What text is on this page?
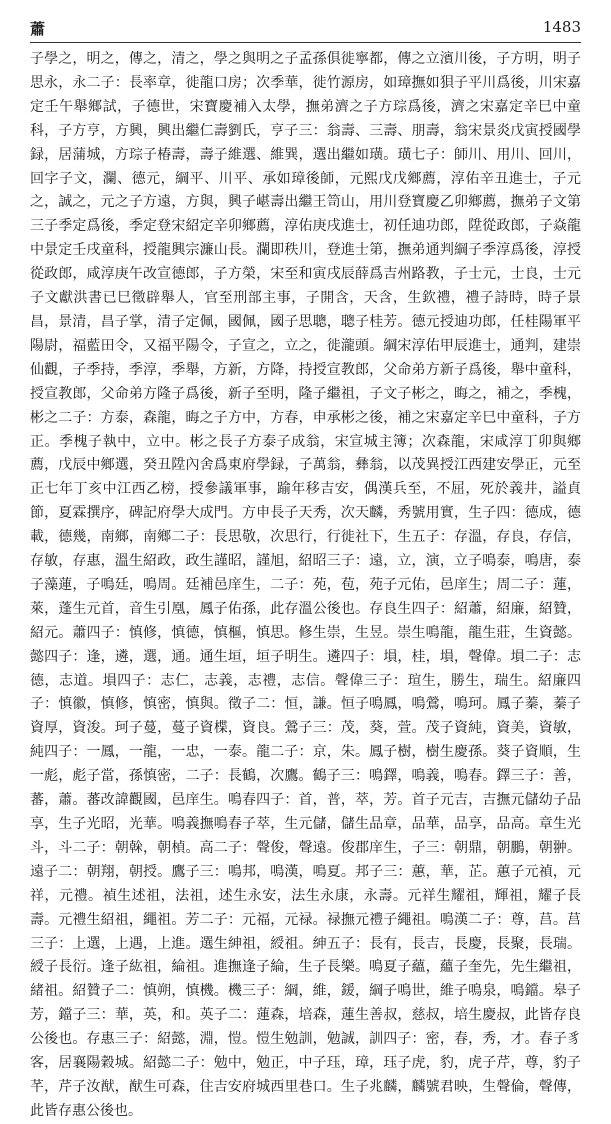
蕭	1483

子學之，明之，傳之，清之，學之與明之子孟孫俱徙寧都，傳之立濱川後，子方明，明子思永，永二子：長率章，徙龍口房；次季華，徙竹源房，如璋撫如狽子平川爲後，川宋嘉定壬午舉鄉試，子德世，宋寶慶補入太學，撫弟濟之子方琮爲後，濟之宋嘉定辛巳中童科，子方亨，方興，興出繼仁壽劉氏，亨子三：翁壽、三壽、朋壽，翁宋景炎戊寅授國學録，居蒲城，方琮子椿壽，壽子維選、維巽，選出繼如璜。璜七子：師川、用川、回川，回字子文，瀾、德元，綱平、川平、承如璋後師，元熙戊戊鄉薦，淳佑辛丑進士，子元之，誠之，元之子方遠，方與，興子嵁壽出繼王笥山，用川登寶慶乙卯鄉薦，撫弟子文第三子季定爲後，季定登宋紹定辛卯鄉薦，淳佑庚戌進士，初任迪功郎，陞從政郎，子焱龍中景定壬戌童科，授龍興宗濂山長。瀾即秩川，登進士第，撫弟通判綱子季淳爲後，淳授從政郎，咸淳庚午改宣德郎，子方榮，宋至和寅戌辰薛爲吉州路教，子士元，士良，士元子文獻洪書已巳徵辟舉人，官至刑部主事，子開含，天含，生欽禮，禮子詩時，時子景昌，景清，昌子掌，清子定佩，國佩，國子思聰，聰子桂芳。德元授迪功郎，任桂陽軍平陽尉，福藍田令，又福平陽令，子宣之，立之，徙瀧頭。綱宋淳佑甲辰進士，通判，建崇仙觀，子季持，季淳，季舉，方新，方降，持授宣教郎，父命弟方新子爲後，舉中童科，授宣教郎，父命弟方隆子爲後，新子至明，隆子繼祖，子文子彬之，晦之，補之，季槐，彬之二子：方泰，森龍，晦之子方中，方春，申承彬之後，補之宋嘉定辛巳中童科，子方正。季槐子執中，立中。彬之長子方泰子成翁，宋宣城主簿；次森龍，宋咸淳丁卯與鄉薦，戊辰中鄉選，癸丑陞內舍爲東府學録，子萬翁，彝翁，以茂異授江西建安學正，元至正七年丁亥中江西乙榜，授參議軍事，踰年移吉安，偶漢兵至，不屈，死於義井，謚貞節，夏霖撰序，碑記府學大成門。方申長子天秀，次天麟，秀號用實，生子四：德成，德載，德幾，南鄉，南鄉二子：長思敬，次思行，行徙社下，生五子：存溫，存良，存信，存敏，存惠，溫生紹政，政生謹昭，謹旭，紹昭三子：遠，立，演，立子鳴泰，鳴唐，泰子藻蓮，子鳴廷，鳴周。廷補邑庠生，二子：苑，苞，苑子元佑，邑庠生；周二子：蓮，萊，蓬生元首，音生引凰，鳳子佑孫，此存溫公後也。存良生四子：紹蕭，紹廉，紹贊，紹元。蕭四子：慎修，慎德，慎樞，慎思。修生崇，生昱。崇生鳴龍，龍生莊，生資懿。懿四子：逢，遴，選，通。通生垣，垣子明生。遴四子：塤，桂，塤，聲偉。塤二子：志德，志道。塤四子：志仁，志義，志禮，志信。聲偉三子：瑄生，勝生，瑞生。紹廉四子：慎徽，慎修，慎密，慎與。徵子二：恒，謙。恒子鳴鳳，鳴鶯，鳴珂。鳳子蓁，蓁子資厚，資浚。珂子蔓，蔓子資楪，資良。鶯子三：茂，葵，萱。茂子資純，資美，資敏，純四子：一鳳，一龍，一忠，一泰。龍二子：京，朱。鳳子樹，樹生慶孫。葵子資順，生一彪，彪子當，孫慎密，二子：長鶴，次鷹。鶴子三：鳴鐸，鳴義，鳴春。鐸三子：善，蕃，蕭。蕃改諱觀國，邑庠生。鳴春四子：首，普，萃，芳。首子元吉，吉撫元儲幼子品享，生子光昭，光華。鳴義撫鳴春子萃，生元儲，儲生品章，品華，品享，品高。章生光斗，斗二子：朝榦，朝楨。高二子：聲俊，聲遠。俊郡庠生，子三：朝鼎，朝鵬，朝翀。遠子二：朝翔，朝授。鷹子三：鳴邦，鳴漢，鳴夏。邦子三：蕙，華，芷。蕙子元禎，元祥，元禮。禎生述祖，法祖，述生永安，法生永康，永壽。元祥生耀祖，輝祖，耀子長壽。元禮生紹祖，繩祖。芳二子：元福，元禄。禄撫元禮子繩祖。鳴漢二子：尊，莒。莒三子：上選，上遇，上進。選生紳祖，綬祖。紳五子：長有，長吉，長慶，長聚，長瑞。綬子長衍。逢子紘祖，綸祖。進撫逢子綸，生子長樂。鳴夏子蘊，蘊子奎先，先生繼祖，緒祖。紹贊子二：慎朔，慎機。機三子：綱，維，鍰，綱子鳴世，維子鳴泉，鳴鐺。皋子芳，鐺子三：華，英，和。英子二：蓮森，培森，蓮生善叔，慈叔，培生慶叔，此皆存良公後也。存惠三子：紹懿，淵，愷。愷生勉訓，勉誠，訓四子：密，春，秀，才。春子豸客，居襄陽穀城。紹懿二子：勉中，勉正，中子珏，璋，珏子虎，豹，虎子芹，尊，豹子芊，芹子汝猷，猷生可森，住吉安府城西里巷口。生子兆麟，麟號君映，生聲倫，聲傳，此皆存惠公後也。
